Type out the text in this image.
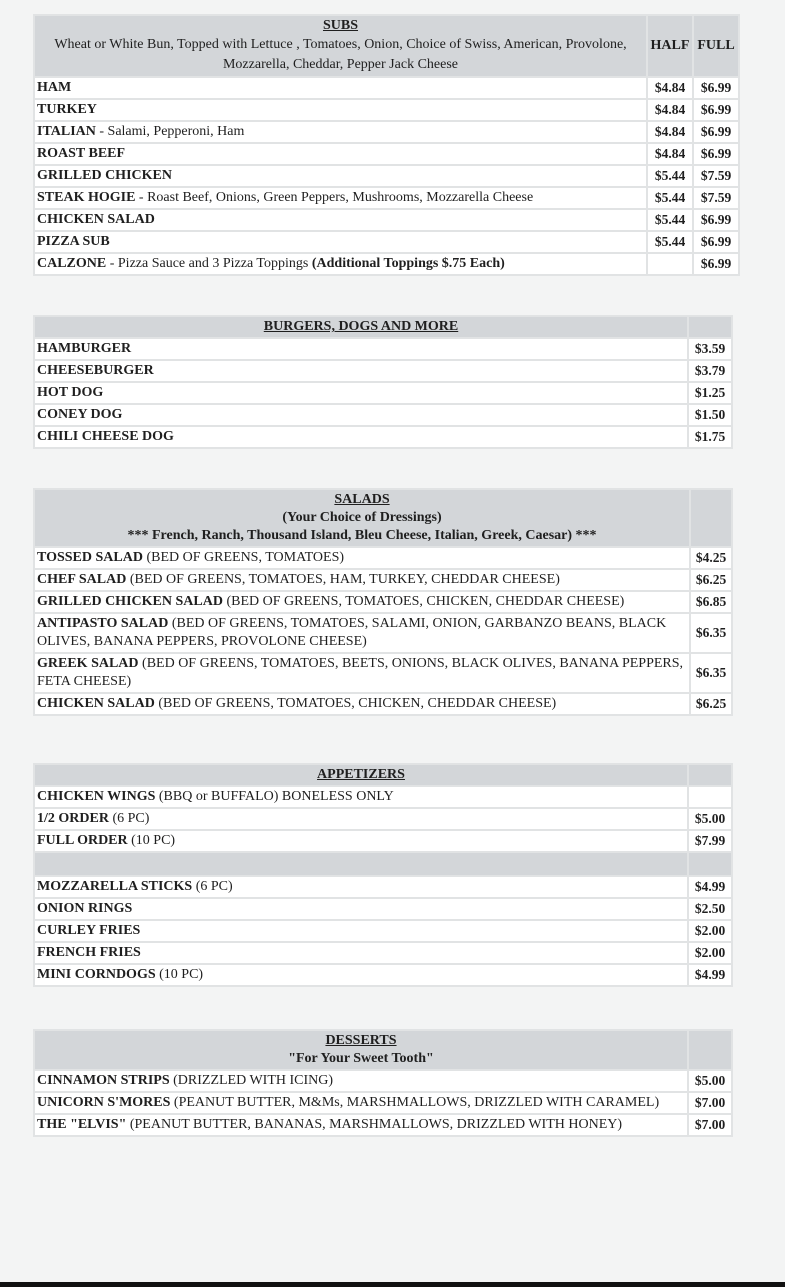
SUBS
Wheat or White Bun, Topped with Lettuce , Tomatoes, Onion, Choice of Swiss, American, Provolone, Mozzarella, Cheddar, Pepper Jack Cheese	HALF	FULL
HAM	$4.84	$6.99
TURKEY	$4.84	$6.99
ITALIAN - Salami, Pepperoni, Ham	$4.84	$6.99
ROAST BEEF	$4.84	$6.99
GRILLED CHICKEN	$5.44	$7.59
STEAK HOGIE - Roast Beef, Onions, Green Peppers, Mushrooms, Mozzarella Cheese	$5.44	$7.59
CHICKEN SALAD	$5.44	$6.99
PIZZA SUB	$5.44	$6.99
CALZONE - Pizza Sauce and 3 Pizza Toppings (Additional Toppings $.75 Each)		$6.99
BURGERS, DOGS AND MORE	

HAMBURGER	$3.59
CHEESEBURGER	$3.79
HOT DOG	$1.25
CONEY DOG	$1.50
CHILI CHEESE DOG	$1.75
SALADS
(Your Choice of Dressings)
*** French, Ranch, Thousand Island, Bleu Cheese, Italian, Greek, Caesar) ***	

TOSSED SALAD (BED OF GREENS, TOMATOES)	$4.25
CHEF SALAD (BED OF GREENS, TOMATOES, HAM, TURKEY, CHEDDAR CHEESE)	$6.25
GRILLED CHICKEN SALAD (BED OF GREENS, TOMATOES, CHICKEN, CHEDDAR CHEESE)	$6.85
ANTIPASTO SALAD (BED OF GREENS, TOMATOES, SALAMI, ONION, GARBANZO BEANS, BLACK OLIVES, BANANA PEPPERS, PROVOLONE CHEESE)	$6.35
GREEK SALAD (BED OF GREENS, TOMATOES, BEETS, ONIONS, BLACK OLIVES, BANANA PEPPERS, FETA CHEESE)	$6.35
CHICKEN SALAD (BED OF GREENS, TOMATOES, CHICKEN, CHEDDAR CHEESE)	$6.25
APPETIZERS	

CHICKEN WINGS (BBQ or BUFFALO) BONELESS ONLY	
1/2 ORDER (6 PC)	$5.00
FULL ORDER (10 PC)	$7.99

MOZZARELLA STICKS (6 PC)	$4.99
ONION RINGS	$2.50
CURLEY FRIES	$2.00
FRENCH FRIES	$2.00
MINI CORNDOGS (10 PC)	$4.99
DESSERTS
"For Your Sweet Tooth"	

CINNAMON STRIPS (DRIZZLED WITH ICING)	$5.00
UNICORN S'MORES (PEANUT BUTTER, M&Ms, MARSHMALLOWS, DRIZZLED WITH CARAMEL)	$7.00
THE "ELVIS" (PEANUT BUTTER, BANANAS, MARSHMALLOWS, DRIZZLED WITH HONEY)	$7.00
